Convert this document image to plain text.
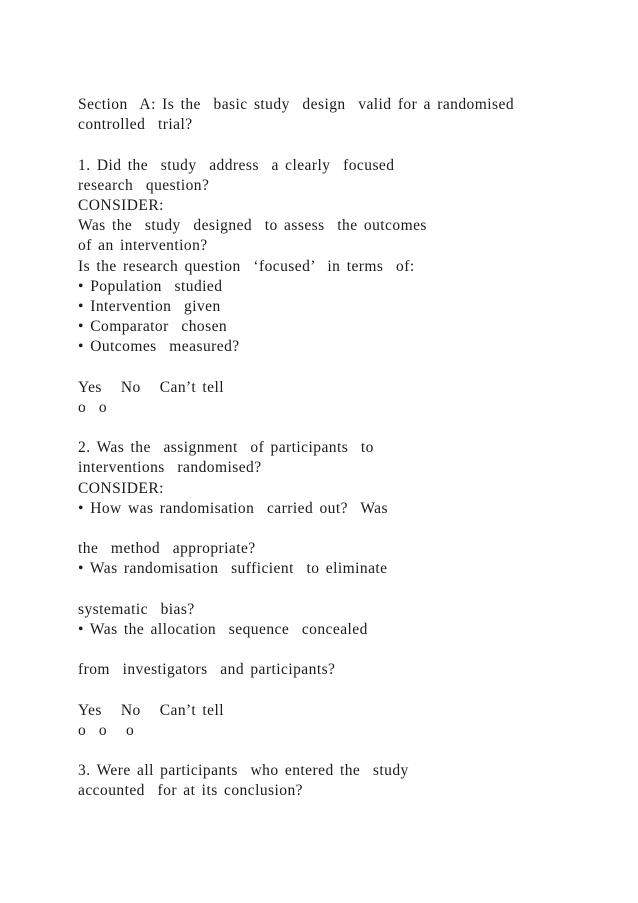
Section  A: Is the  basic study  design  valid for a randomised
controlled  trial?
1. Did the  study  address  a clearly  focused
research  question?
CONSIDER:
Was the  study  designed  to assess  the outcomes
of an intervention?
Is the research question  ‘focused’  in terms  of:
• Population  studied
• Intervention  given
• Comparator  chosen
• Outcomes  measured?
Yes   No   Can’t tell
o  o
2. Was the  assignment  of participants  to
interventions  randomised?
CONSIDER:
• How was randomisation  carried out?  Was
the  method  appropriate?
• Was randomisation  sufficient  to eliminate
systematic  bias?
• Was the allocation  sequence  concealed
from  investigators  and participants?
Yes   No   Can’t tell
o  o   o
3. Were all participants  who entered the  study
accounted  for at its conclusion?
